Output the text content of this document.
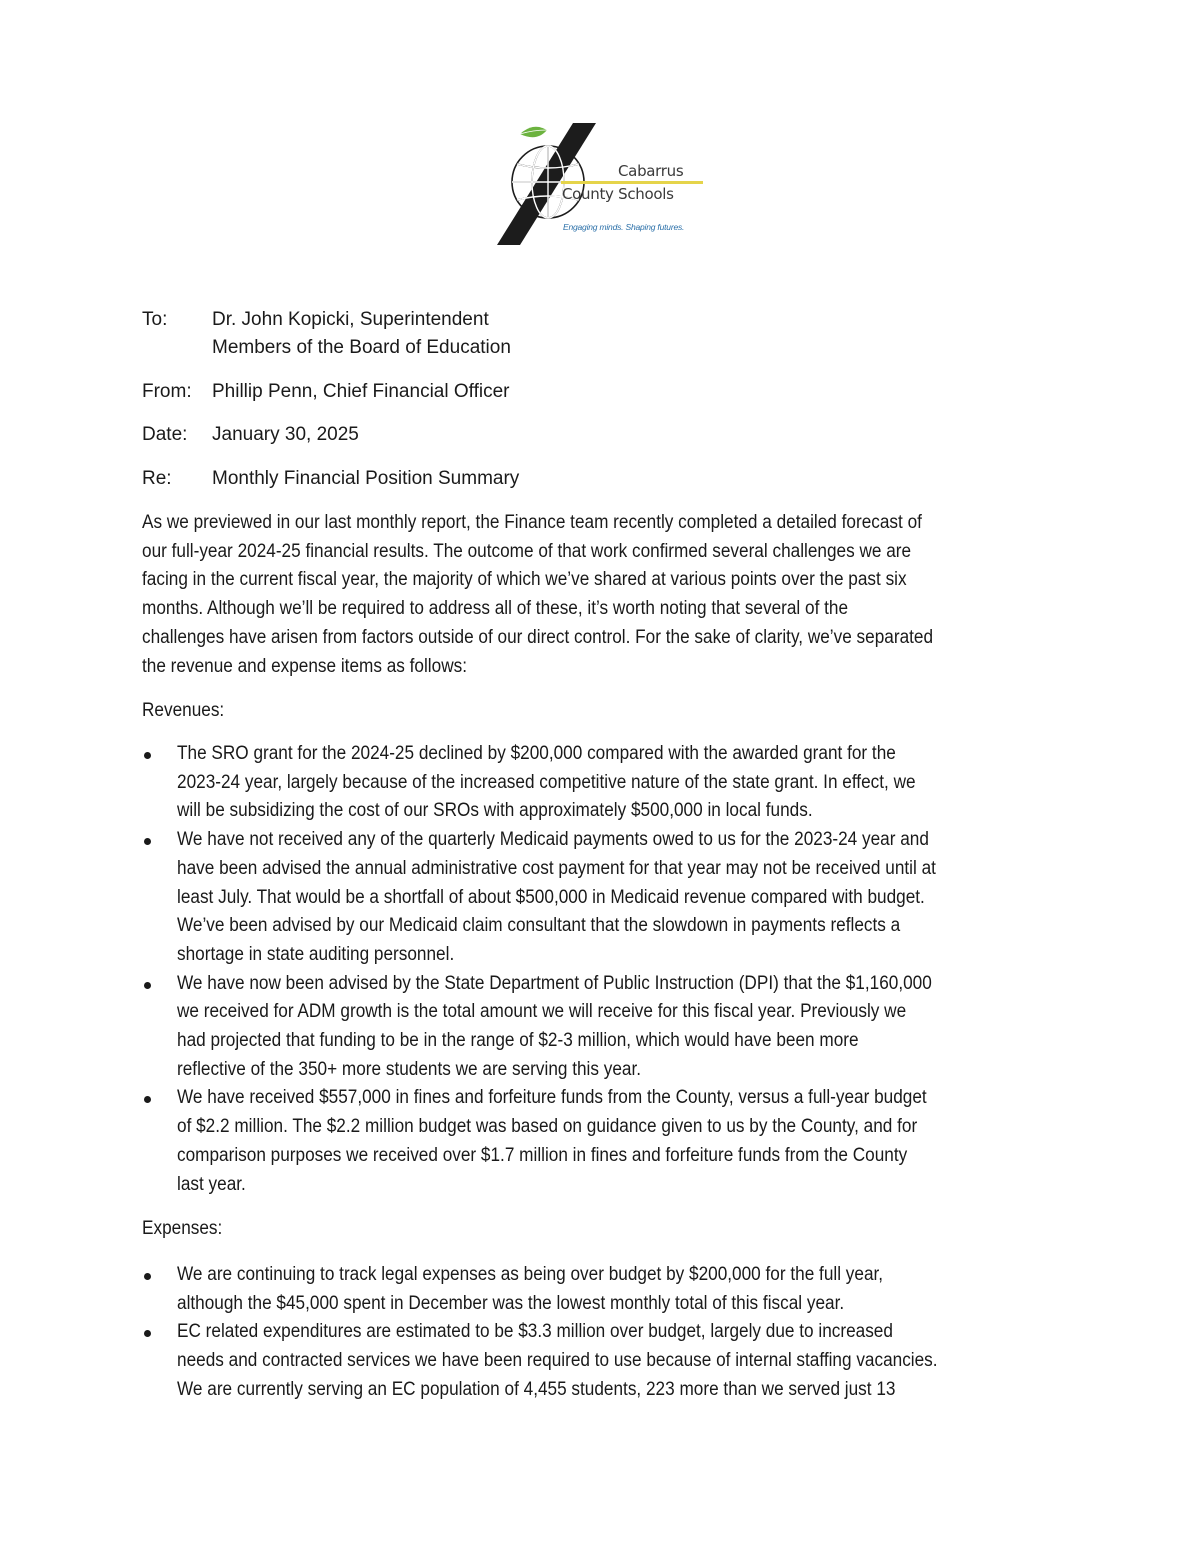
Cabarrus
County Schools
Engaging minds. Shaping futures.
To:	Dr. John Kopicki, Superintendent
Members of the Board of Education
From:	Phillip Penn, Chief Financial Officer
Date:	January 30, 2025
Re:	Monthly Financial Position Summary
As we previewed in our last monthly report, the Finance team recently completed a detailed forecast of
our full-year 2024-25 financial results. The outcome of that work confirmed several challenges we are
facing in the current fiscal year, the majority of which we’ve shared at various points over the past six
months. Although we’ll be required to address all of these, it’s worth noting that several of the
challenges have arisen from factors outside of our direct control. For the sake of clarity, we’ve separated
the revenue and expense items as follows:
Revenues:
The SRO grant for the 2024-25 declined by $200,000 compared with the awarded grant for the
2023-24 year, largely because of the increased competitive nature of the state grant. In effect, we
will be subsidizing the cost of our SROs with approximately $500,000 in local funds.
We have not received any of the quarterly Medicaid payments owed to us for the 2023-24 year and
have been advised the annual administrative cost payment for that year may not be received until at
least July. That would be a shortfall of about $500,000 in Medicaid revenue compared with budget.
We’ve been advised by our Medicaid claim consultant that the slowdown in payments reflects a
shortage in state auditing personnel.
We have now been advised by the State Department of Public Instruction (DPI) that the $1,160,000
we received for ADM growth is the total amount we will receive for this fiscal year. Previously we
had projected that funding to be in the range of $2-3 million, which would have been more
reflective of the 350+ more students we are serving this year.
We have received $557,000 in fines and forfeiture funds from the County, versus a full-year budget
of $2.2 million. The $2.2 million budget was based on guidance given to us by the County, and for
comparison purposes we received over $1.7 million in fines and forfeiture funds from the County
last year.
Expenses:
We are continuing to track legal expenses as being over budget by $200,000 for the full year,
although the $45,000 spent in December was the lowest monthly total of this fiscal year.
EC related expenditures are estimated to be $3.3 million over budget, largely due to increased
needs and contracted services we have been required to use because of internal staffing vacancies.
We are currently serving an EC population of 4,455 students, 223 more than we served just 13
